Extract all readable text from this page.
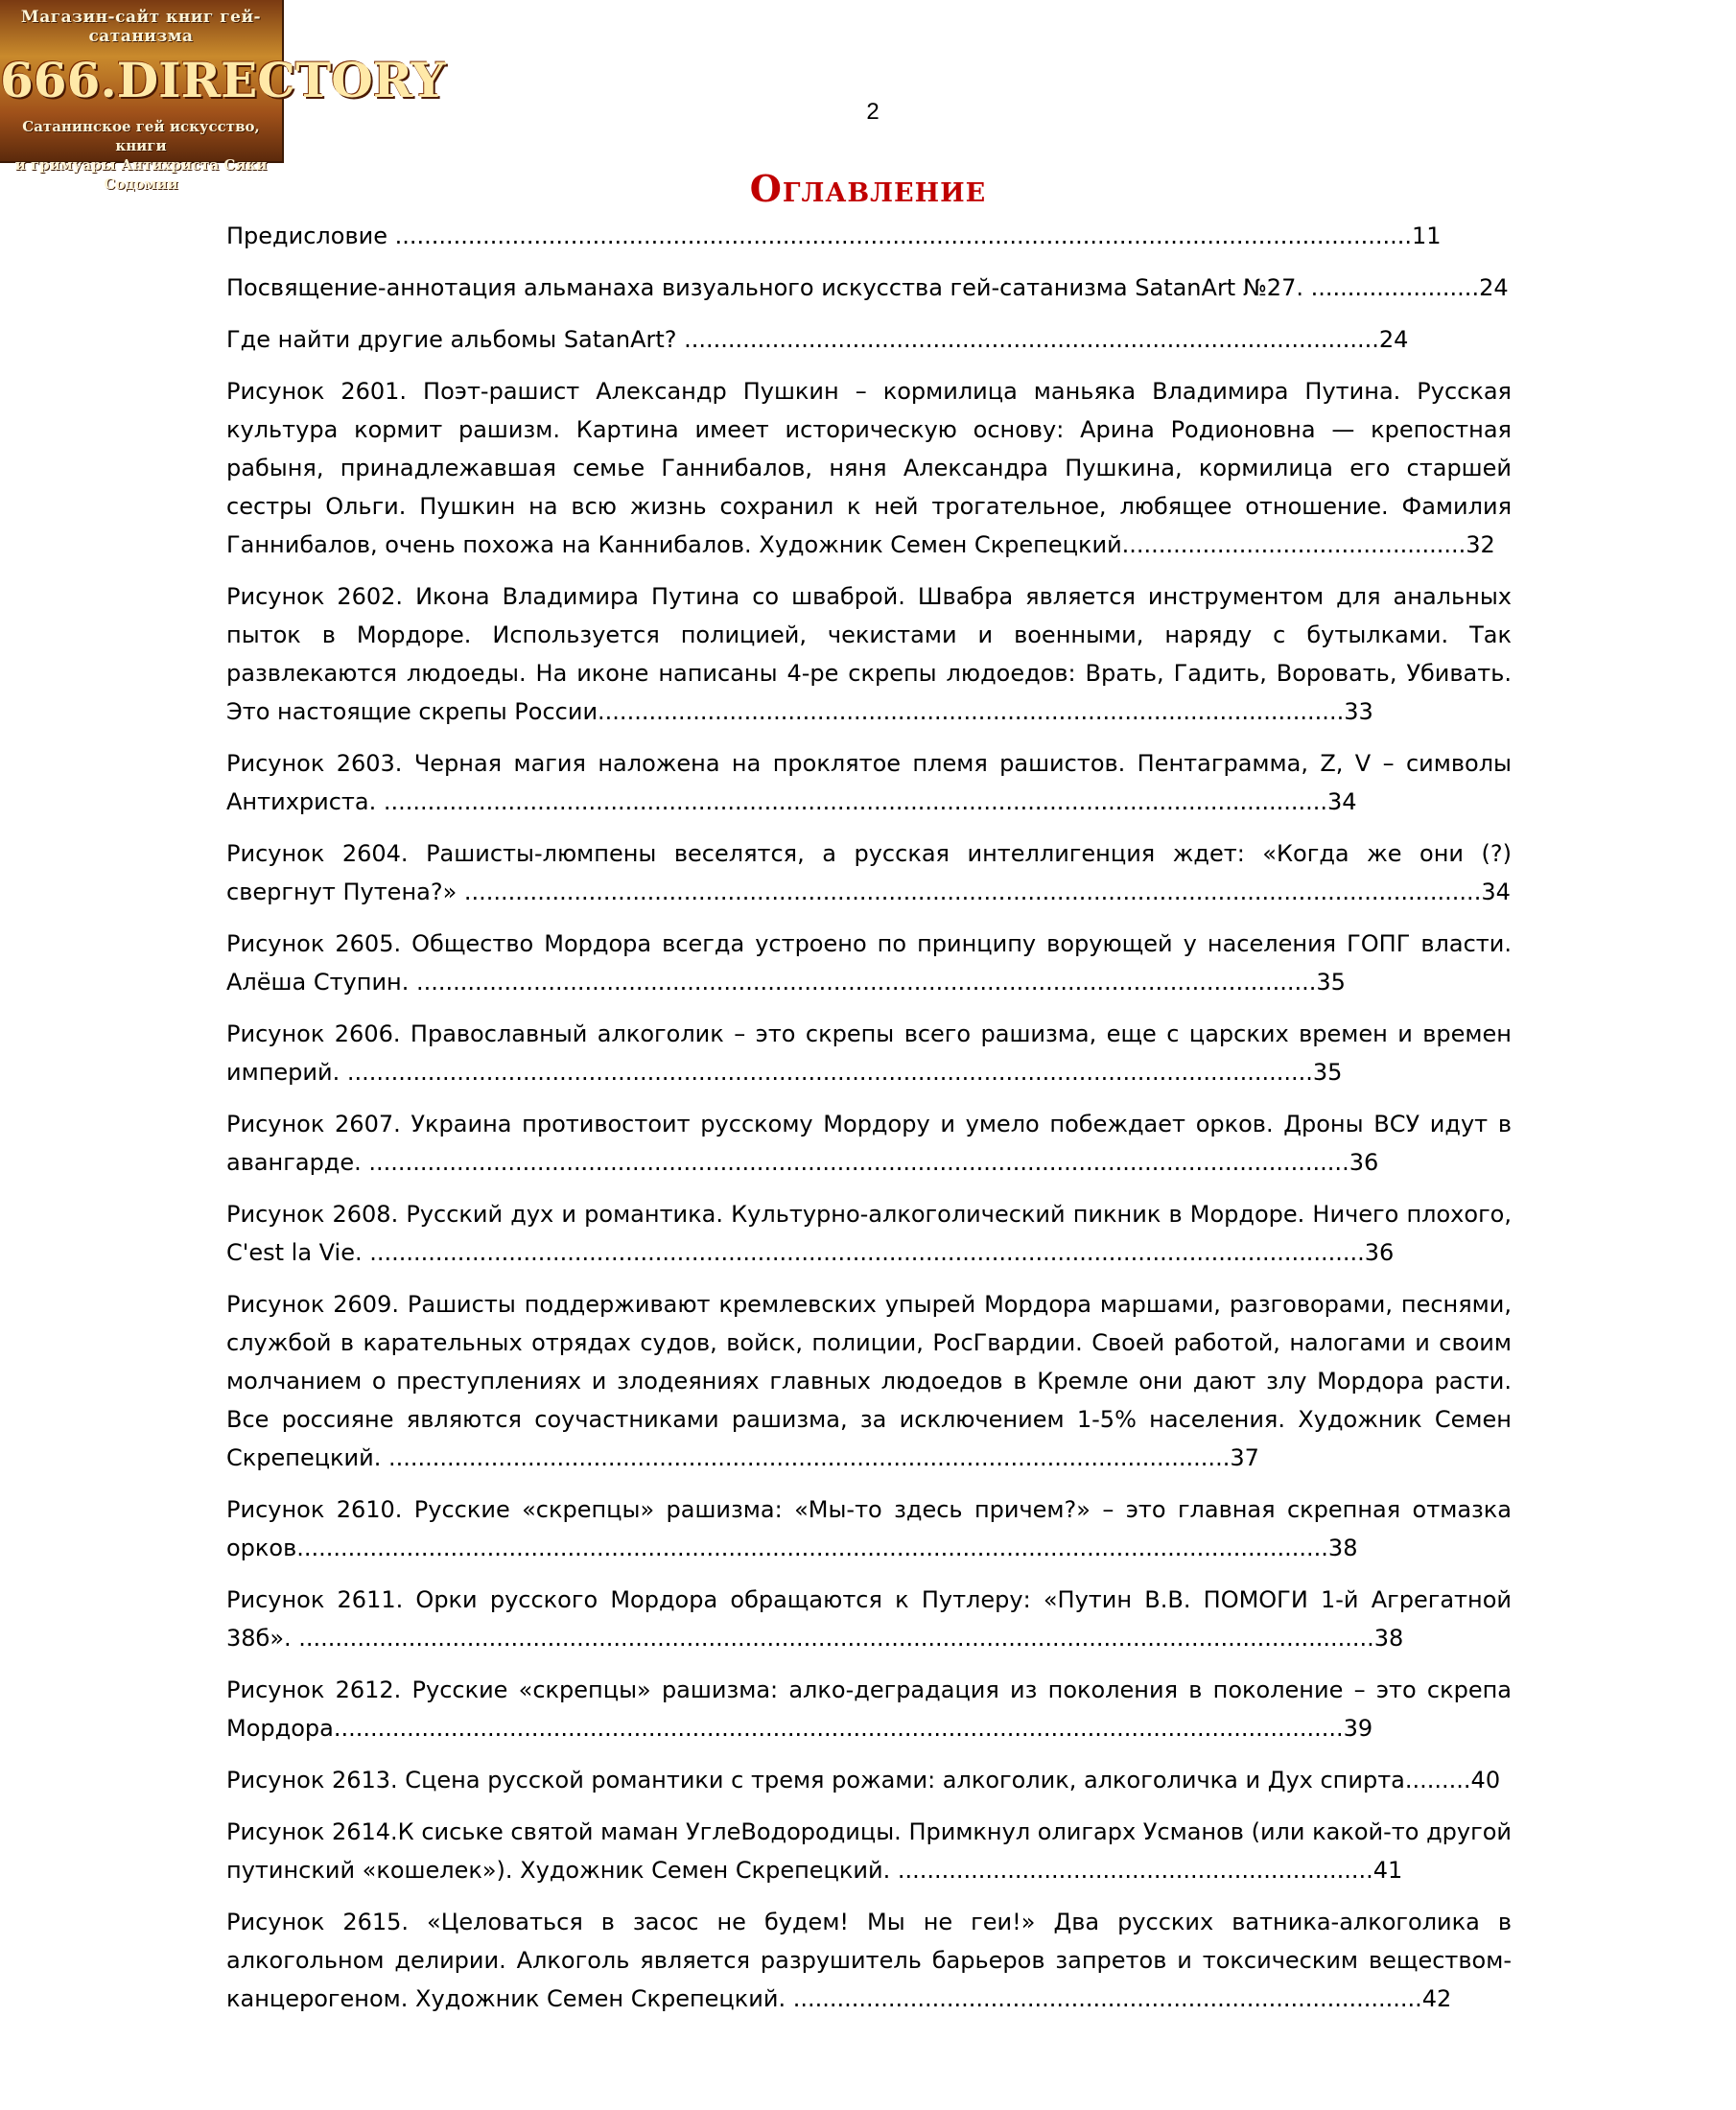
Магазин-сайт книг гей-сатанизма
666.DIRECTORY
Сатанинское гей искусство, книги
и гримуары Антихриста Сяки Содомии
2
Оглавление
Предисловие ...........................................................................................................................................11
Посвящение-аннотация альманаха визуального искусства гей-сатанизма SatanArt №27. .......................24
Где найти другие альбомы SatanArt? ...............................................................................................24
Рисунок 2601. Поэт-рашист Александр Пушкин – кормилица маньяка Владимира Путина. Русская культура кормит рашизм. Картина имеет историческую основу: Арина Родионовна — крепостная рабыня, принадлежавшая семье Ганнибалов, няня Александра Пушкина, кормилица его старшей сестры Ольги. Пушкин на всю жизнь сохранил к ней трогательное, любящее отношение. Фамилия Ганнибалов, очень похожа на Каннибалов. Художник Семен Скрепецкий...............................................32
Рисунок 2602. Икона Владимира Путина со шваброй. Швабра является инструментом для анальных пыток в Мордоре. Используется полицией, чекистами и военными, наряду с бутылками. Так развлекаются людоеды. На иконе написаны 4-ре скрепы людоедов: Врать, Гадить, Воровать, Убивать. Это настоящие скрепы России......................................................................................................33
Рисунок 2603. Черная магия наложена на проклятое племя рашистов. Пентаграмма, Z, V – символы Антихриста. .................................................................................................................................34
Рисунок 2604. Рашисты-люмпены веселятся, а русская интеллигенция ждет: «Когда же они (?) свергнут Путена?» ...........................................................................................................................................34
Рисунок 2605. Общество Мордора всегда устроено по принципу ворующей у населения ГОПГ власти. Алёша Ступин. ...........................................................................................................................35
Рисунок 2606. Православный алкоголик – это скрепы всего рашизма, еще с царских времен и времен империй. ....................................................................................................................................35
Рисунок 2607. Украина противостоит русскому Мордору и умело побеждает орков. Дроны ВСУ идут в авангарде. ......................................................................................................................................36
Рисунок 2608. Русский дух и романтика. Культурно-алкоголический пикник в Мордоре. Ничего плохого, C'est la Vie. ........................................................................................................................................36
Рисунок 2609. Рашисты поддерживают кремлевских упырей Мордора маршами, разговорами, песнями, службой в карательных отрядах судов, войск, полиции, РосГвардии. Своей работой, налогами и своим молчанием о преступлениях и злодеяниях главных людоедов в Кремле они дают злу Мордора расти. Все россияне являются соучастниками рашизма, за исключением 1-5% населения. Художник Семен Скрепецкий. ...................................................................................................................37
Рисунок 2610. Русские «скрепцы» рашизма: «Мы-то здесь причем?» – это главная скрепная отмазка орков.............................................................................................................................................38
Рисунок 2611. Орки русского Мордора обращаются к Путлеру: «Путин В.В. ПОМОГИ 1-й Агрегатной 38б». ...................................................................................................................................................38
Рисунок 2612. Русские «скрепцы» рашизма: алко-деградация из поколения в поколение – это скрепа Мордора..........................................................................................................................................39
Рисунок 2613. Сцена русской романтики с тремя рожами: алкоголик, алкоголичка и Дух спирта.........40
Рисунок 2614.К сиське святой маман УглеВодородицы. Примкнул олигарх Усманов (или какой-то другой путинский «кошелек»). Художник Семен Скрепецкий. .................................................................41
Рисунок 2615. «Целоваться в засос не будем! Мы не геи!» Два русских ватника-алкоголика в алкогольном делирии. Алкоголь является разрушитель барьеров запретов и токсическим веществом-канцерогеном. Художник Семен Скрепецкий. ......................................................................................42
